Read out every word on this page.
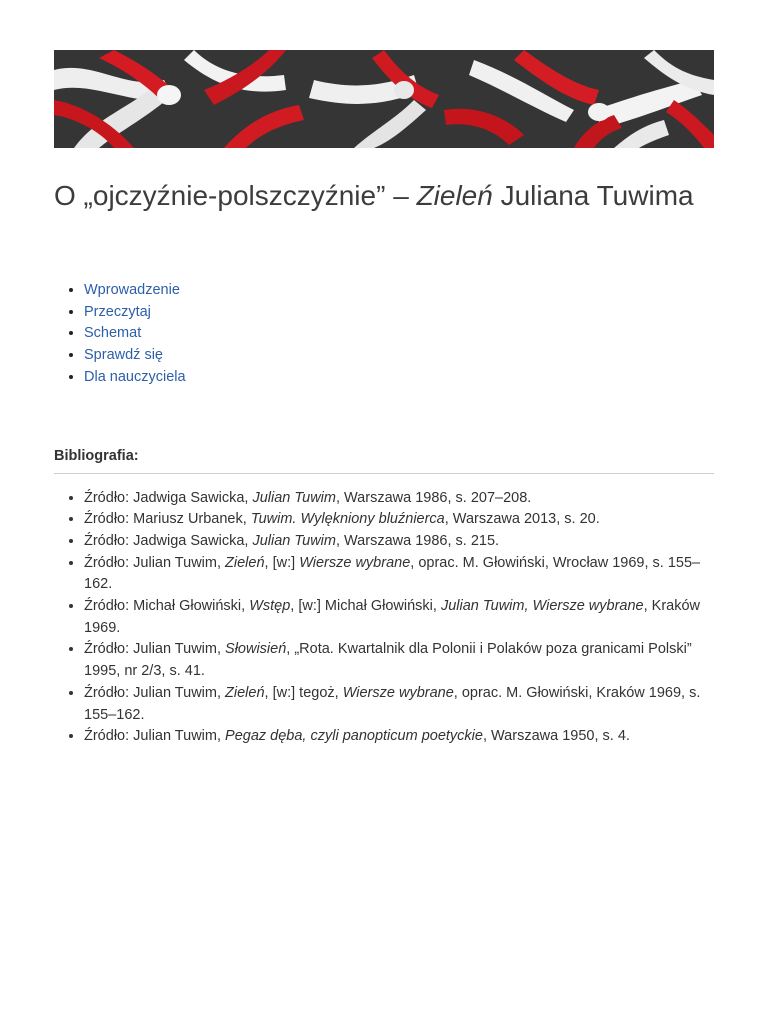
O „ojczyźnie-polszczyźnie” – Zieleń Juliana Tuwima
• Wprowadzenie
• Przeczytaj
• Schemat
• Sprawdź się
• Dla nauczyciela
Bibliografia:
• Źródło: Jadwiga Sawicka, Julian Tuwim, Warszawa 1986, s. 207–208.
• Źródło: Mariusz Urbanek, Tuwim. Wylękniony bluźnierca, Warszawa 2013, s. 20.
• Źródło: Jadwiga Sawicka, Julian Tuwim, Warszawa 1986, s. 215.
• Źródło: Julian Tuwim, Zieleń, [w:] Wiersze wybrane, oprac. M. Głowiński, Wrocław 1969, s. 155–162.
• Źródło: Michał Głowiński, Wstęp, [w:] Michał Głowiński, Julian Tuwim, Wiersze wybrane, Kraków 1969.
• Źródło: Julian Tuwim, Słowisień, „Rota. Kwartalnik dla Polonii i Polaków poza granicami Polski” 1995, nr 2/3, s. 41.
• Źródło: Julian Tuwim, Zieleń, [w:] tegoż, Wiersze wybrane, oprac. M. Głowiński, Kraków 1969, s. 155–162.
• Źródło: Julian Tuwim, Pegaz dęba, czyli panopticum poetyckie, Warszawa 1950, s. 4.
